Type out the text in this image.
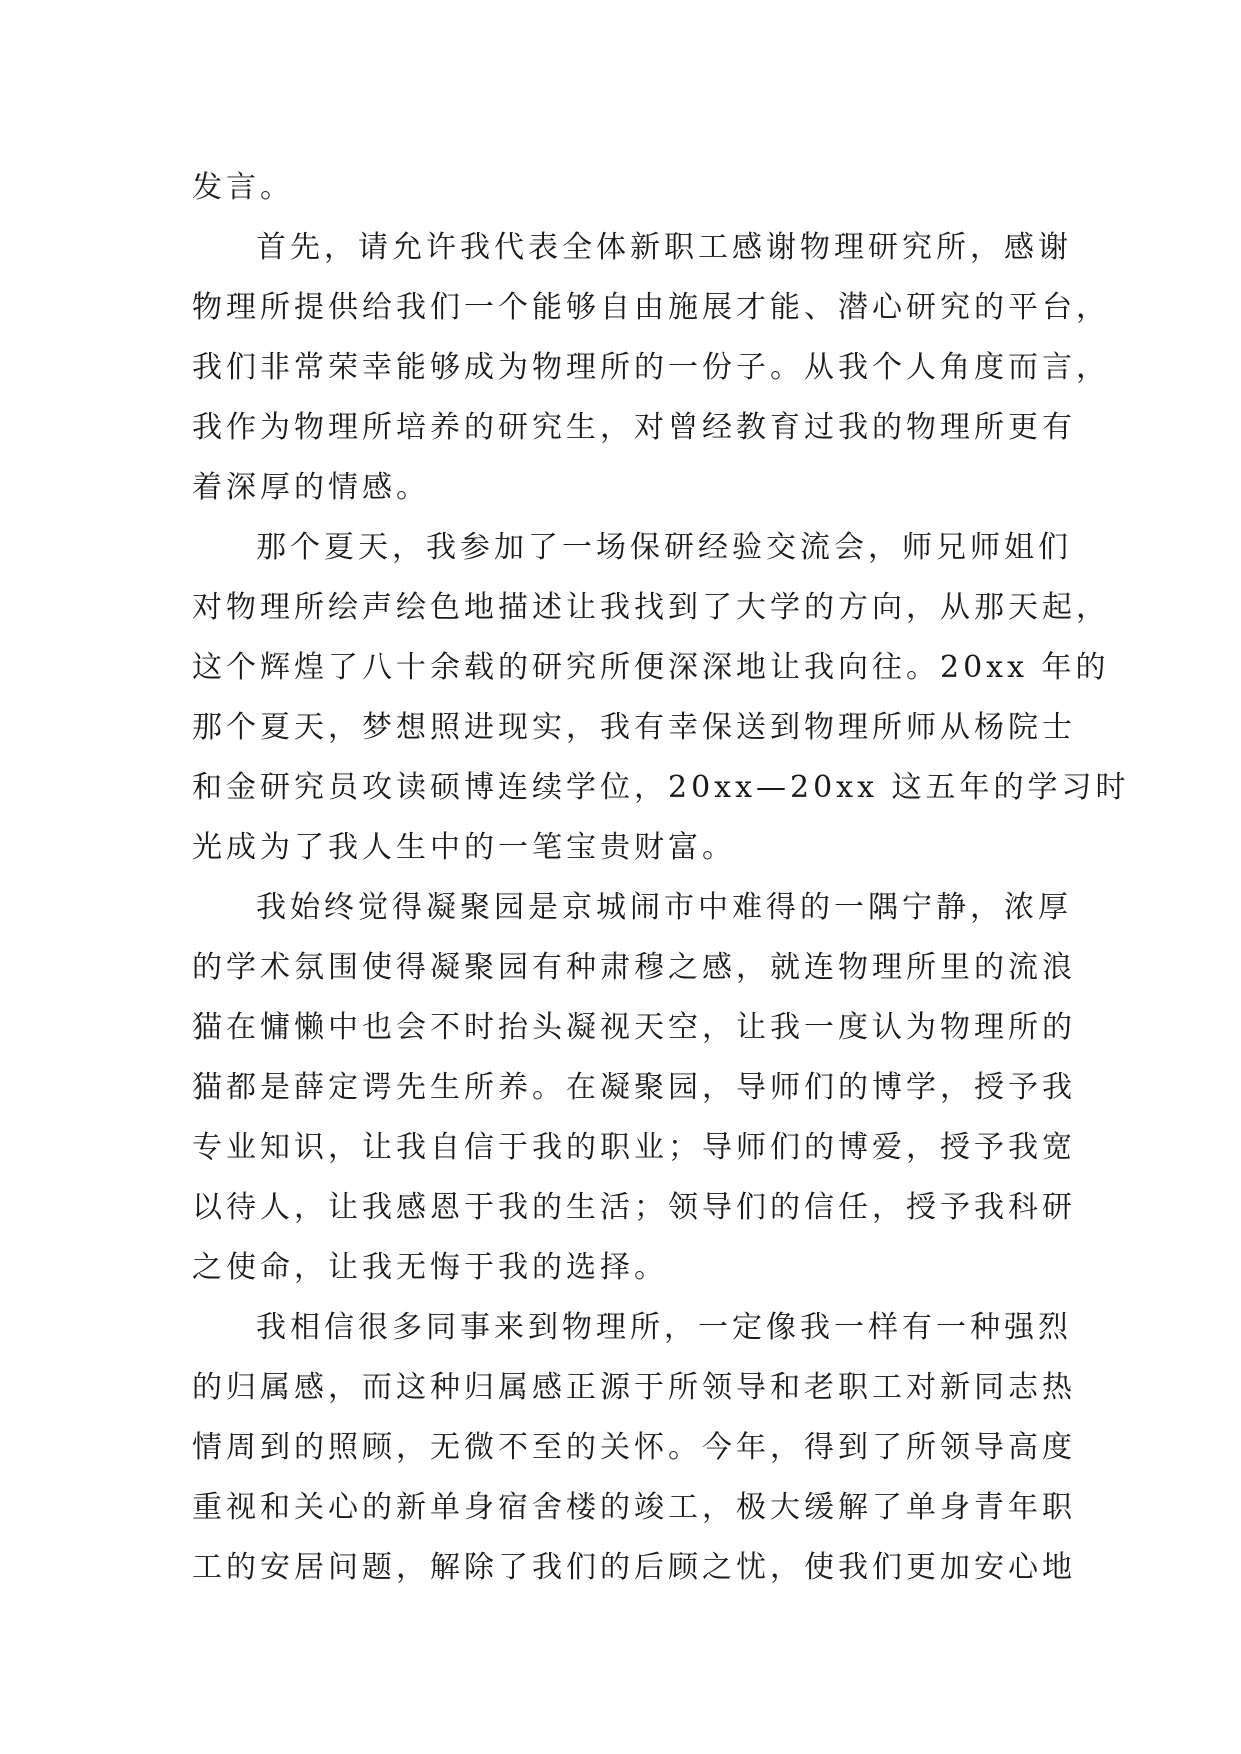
发言。
首先，请允许我代表全体新职工感谢物理研究所，感谢
物理所提供给我们一个能够自由施展才能、潜心研究的平台，
我们非常荣幸能够成为物理所的一份子。从我个人角度而言，
我作为物理所培养的研究生，对曾经教育过我的物理所更有
着深厚的情感。
那个夏天，我参加了一场保研经验交流会，师兄师姐们
对物理所绘声绘色地描述让我找到了大学的方向，从那天起，
这个辉煌了八十余载的研究所便深深地让我向往。20xx 年的
那个夏天，梦想照进现实，我有幸保送到物理所师从杨院士
和金研究员攻读硕博连续学位，20xx—20xx 这五年的学习时
光成为了我人生中的一笔宝贵财富。
我始终觉得凝聚园是京城闹市中难得的一隅宁静，浓厚
的学术氛围使得凝聚园有种肃穆之感，就连物理所里的流浪
猫在慵懒中也会不时抬头凝视天空，让我一度认为物理所的
猫都是薛定谔先生所养。在凝聚园，导师们的博学，授予我
专业知识，让我自信于我的职业；导师们的博爱，授予我宽
以待人，让我感恩于我的生活；领导们的信任，授予我科研
之使命，让我无悔于我的选择。
我相信很多同事来到物理所，一定像我一样有一种强烈
的归属感，而这种归属感正源于所领导和老职工对新同志热
情周到的照顾，无微不至的关怀。今年，得到了所领导高度
重视和关心的新单身宿舍楼的竣工，极大缓解了单身青年职
工的安居问题，解除了我们的后顾之忧，使我们更加安心地
